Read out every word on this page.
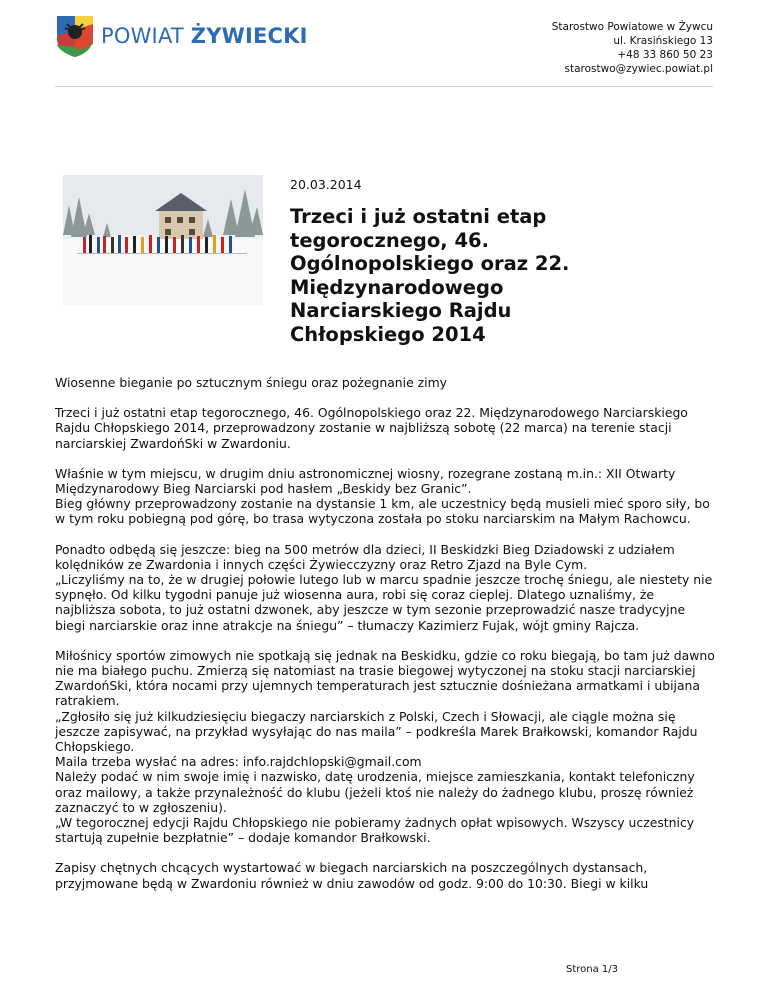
POWIAT ŻYWIECKI	Starostwo Powiatowe w Żywcu
ul. Krasińskiego 13
+48 33 860 50 23
starostwo@zywiec.powiat.pl
20.03.2014
Trzeci i już ostatni etap tegorocznego, 46. Ogólnopolskiego oraz 22. Międzynarodowego Narciarskiego Rajdu Chłopskiego 2014

Wiosenne bieganie po sztucznym śniegu oraz pożegnanie zimy

Trzeci i już ostatni etap tegorocznego, 46. Ogólnopolskiego oraz 22. Międzynarodowego Narciarskiego Rajdu Chłopskiego 2014, przeprowadzony zostanie w najbliższą sobotę (22 marca) na terenie stacji narciarskiej ZwardońSki w Zwardoniu.

Właśnie w tym miejscu, w drugim dniu astronomicznej wiosny, rozegrane zostaną m.in.: XII Otwarty Międzynarodowy Bieg Narciarski pod hasłem „Beskidy bez Granic”.
Bieg główny przeprowadzony zostanie na dystansie 1 km, ale uczestnicy będą musieli mieć sporo siły, bo w tym roku pobiegną pod górę, bo trasa wytyczona została po stoku narciarskim na Małym Rachowcu.

Ponadto odbędą się jeszcze: bieg na 500 metrów dla dzieci, II Beskidzki Bieg Dziadowski z udziałem kolędników ze Zwardonia i innych części Żywiecczyzny oraz Retro Zjazd na Byle Cym.
„Liczyliśmy na to, że w drugiej połowie lutego lub w marcu spadnie jeszcze trochę śniegu, ale niestety nie sypnęło. Od kilku tygodni panuje już wiosenna aura, robi się coraz cieplej. Dlatego uznaliśmy, że najbliższa sobota, to już ostatni dzwonek, aby jeszcze w tym sezonie przeprowadzić nasze tradycyjne biegi narciarskie oraz inne atrakcje na śniegu” – tłumaczy Kazimierz Fujak, wójt gminy Rajcza.

Miłośnicy sportów zimowych nie spotkają się jednak na Beskidku, gdzie co roku biegają, bo tam już dawno nie ma białego puchu. Zmierzą się natomiast na trasie biegowej wytyczonej na stoku stacji narciarskiej ZwardońSki, która nocami przy ujemnych temperaturach jest sztucznie dośnieżana armatkami i ubijana ratrakiem.
„Zgłosiło się już kilkudziesięciu biegaczy narciarskich z Polski, Czech i Słowacji, ale ciągle można się jeszcze zapisywać, na przykład wysyłając do nas maila” – podkreśla Marek Brałkowski, komandor Rajdu Chłopskiego.
Maila trzeba wysłać na adres: info.rajdchlopski@gmail.com
Należy podać w nim swoje imię i nazwisko, datę urodzenia, miejsce zamieszkania, kontakt telefoniczny oraz mailowy, a także przynależność do klubu (jeżeli ktoś nie należy do żadnego klubu, proszę również zaznaczyć to w zgłoszeniu).
„W tegorocznej edycji Rajdu Chłopskiego nie pobieramy żadnych opłat wpisowych. Wszyscy uczestnicy startują zupełnie bezpłatnie” – dodaje komandor Brałkowski.

Zapisy chętnych chcących wystartować w biegach narciarskich na poszczególnych dystansach, przyjmowane będą w Zwardoniu również w dniu zawodów od godz. 9:00 do 10:30. Biegi w kilku

Strona 1/3
